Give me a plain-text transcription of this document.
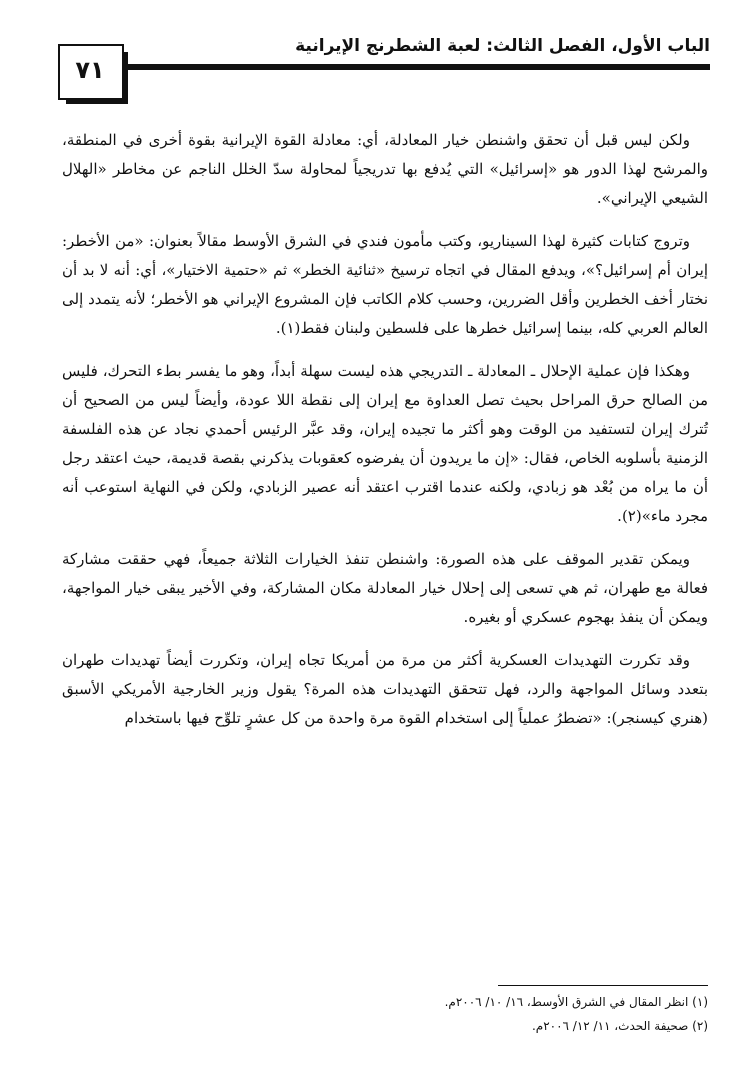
الباب الأول، الفصل الثالث: لعبة الشطرنج الإيرانية
٧١

ولكن ليس قبل أن تحقق واشنطن خيار المعادلة، أي: معادلة القوة الإيرانية بقوة أخرى في المنطقة، والمرشح لهذا الدور هو «إسرائيل» التي يُدفع بها تدريجياً لمحاولة سدّ الخلل الناجم عن مخاطر «الهلال الشيعي الإيراني».

وتروج كتابات كثيرة لهذا السيناريو، وكتب مأمون فندي في الشرق الأوسط مقالاً بعنوان: «من الأخطر: إيران أم إسرائيل؟»، ويدفع المقال في اتجاه ترسيخ «ثنائية الخطر» ثم «حتمية الاختيار»، أي: أنه لا بد أن نختار أخف الخطرين وأقل الضررين، وحسب كلام الكاتب فإن المشروع الإيراني هو الأخطر؛ لأنه يتمدد إلى العالم العربي كله، بينما إسرائيل خطرها على فلسطين ولبنان فقط(١).

وهكذا فإن عملية الإحلال ـ المعادلة ـ التدريجي هذه ليست سهلة أبداً، وهو ما يفسر بطء التحرك، فليس من الصالح حرق المراحل بحيث تصل العداوة مع إيران إلى نقطة اللا عودة، وأيضاً ليس من الصحيح أن تُترك إيران لتستفيد من الوقت وهو أكثر ما تجيده إيران، وقد عبَّر الرئيس أحمدي نجاد عن هذه الفلسفة الزمنية بأسلوبه الخاص، فقال: «إن ما يريدون أن يفرضوه كعقوبات يذكرني بقصة قديمة، حيث اعتقد رجل أن ما يراه من بُعْد هو زبادي، ولكنه عندما اقترب اعتقد أنه عصير الزبادي، ولكن في النهاية استوعب أنه مجرد ماء»(٢).

ويمكن تقدير الموقف على هذه الصورة: واشنطن تنفذ الخيارات الثلاثة جميعاً، فهي حققت مشاركة فعالة مع طهران، ثم هي تسعى إلى إحلال خيار المعادلة مكان المشاركة، وفي الأخير يبقى خيار المواجهة، ويمكن أن ينفذ بهجوم عسكري أو بغيره.

وقد تكررت التهديدات العسكرية أكثر من مرة من أمريكا تجاه إيران، وتكررت أيضاً تهديدات طهران بتعدد وسائل المواجهة والرد، فهل تتحقق التهديدات هذه المرة؟ يقول وزير الخارجية الأمريكي الأسبق (هنري كيسنجر): «تضطرُ عملياً إلى استخدام القوة مرة واحدة من كل عشرٍ تلوِّح فيها باستخدام

(١) انظر المقال في الشرق الأوسط، ١٦/ ١٠/ ٢٠٠٦م.
(٢) صحيفة الحدث، ١١/ ١٢/ ٢٠٠٦م.
